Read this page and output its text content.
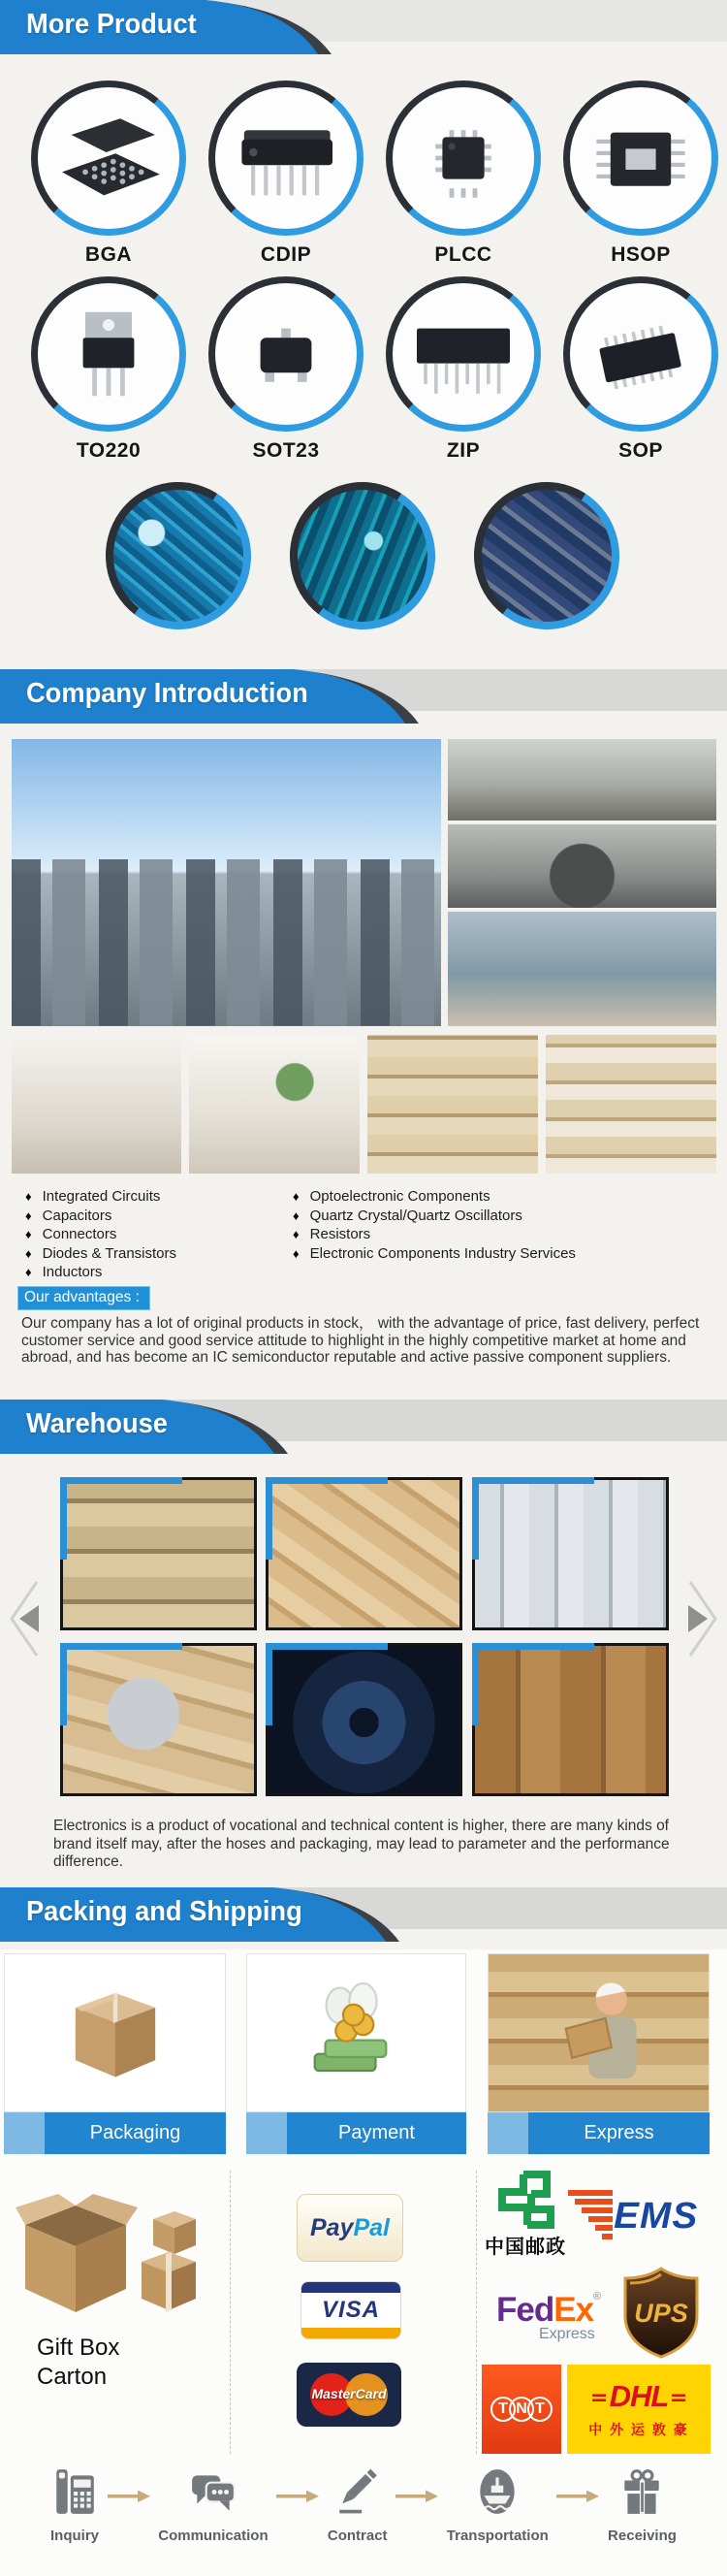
More Product
BGA	CDIP	PLCC	HSOP
TO220	SOT23	ZIP	SOP
Company Introduction
♦ Integrated Circuits
♦ Capacitors
♦ Connectors
♦ Diodes & Transistors
♦ Inductors
♦ Optoelectronic Components
♦ Quartz Crystal/Quartz Oscillators
♦ Resistors
♦ Electronic Components Industry Services
Our advantages :
Our company has a lot of original products in stock， with the advantage of price, fast delivery, perfect customer service and good service attitude to highlight in the highly competitive market at home and abroad, and has become an IC semiconductor reputable and active passive component suppliers.
Warehouse
Electronics is a product of vocational and technical content is higher, there are many kinds of brand itself may, after the hoses and packaging, may lead to parameter and the performance difference.
Packing and Shipping
Packaging	Payment	Express
Gift Box
Carton
Pay Pal
VISA
MasterCard
中国邮政
EMS
FedEx®
Express
UPS
T N T DHL
中 外 运 敦 豪
Inquiry	Communication	Contract	Transportation	Receiving
